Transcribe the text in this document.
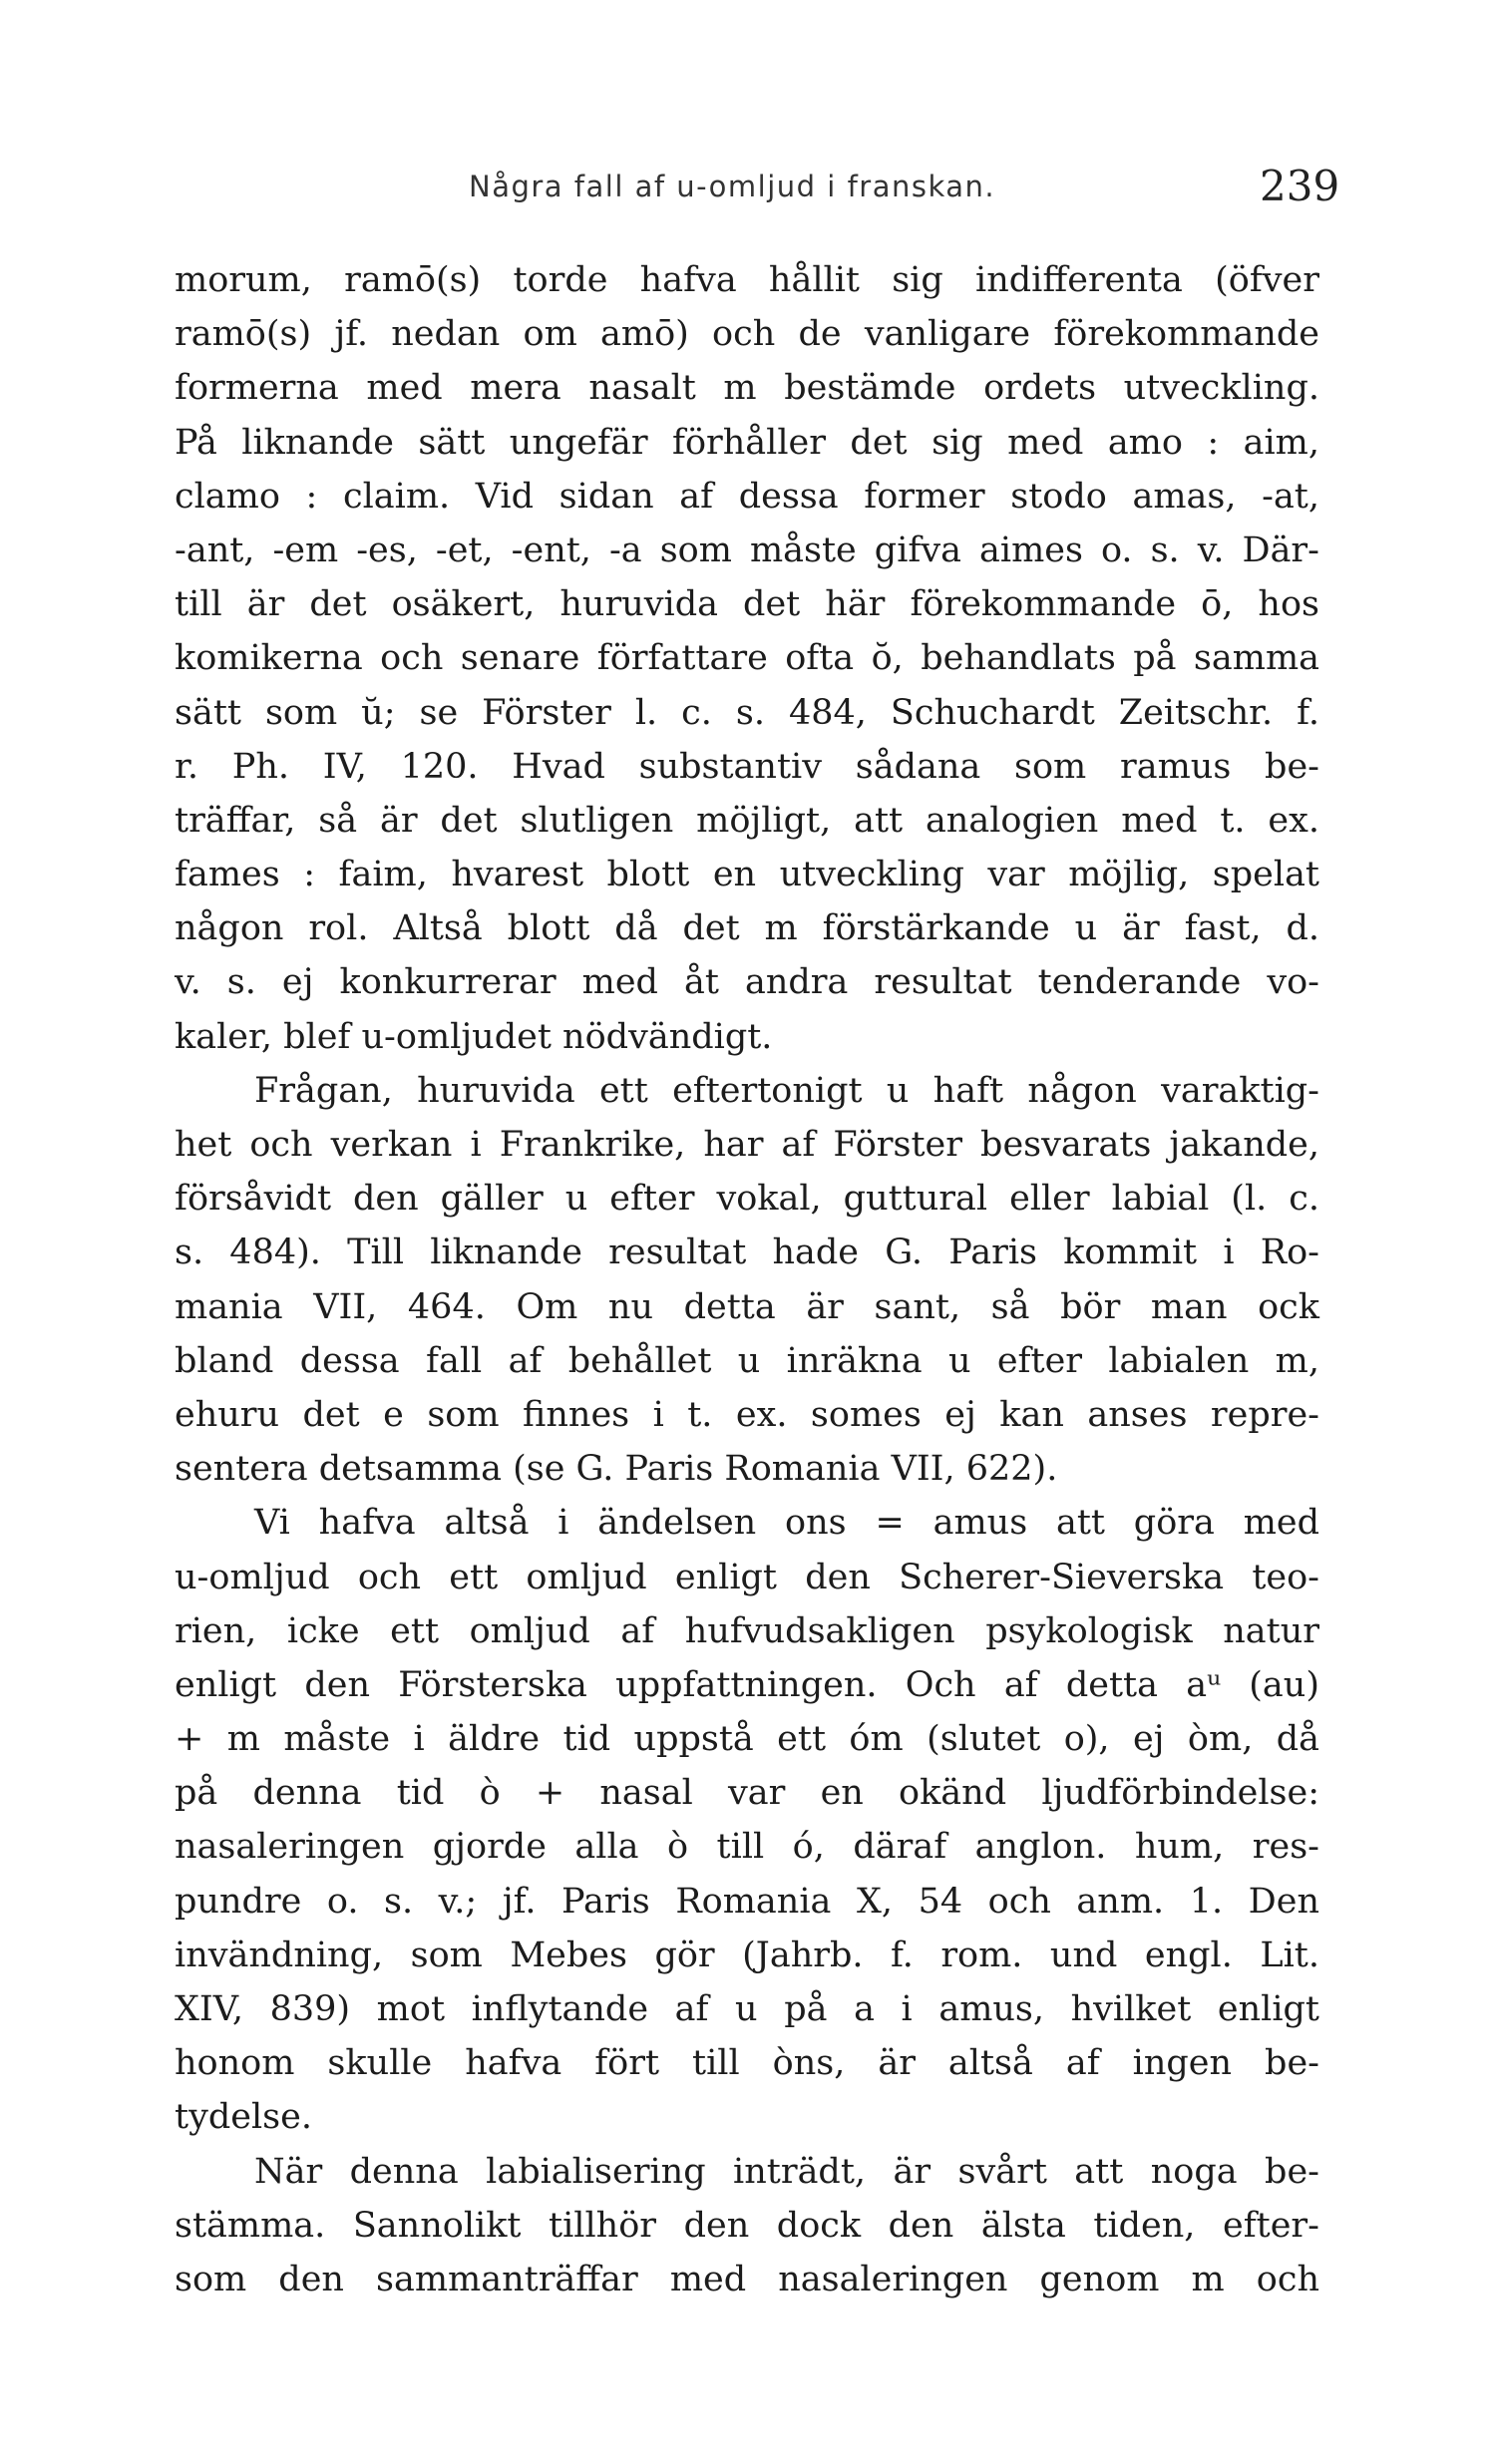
Några fall af u-omljud i franskan.	239
morum, ramō(s) torde hafva hållit sig indifferenta (öfver
ramō(s) jf. nedan om amō) och de vanligare förekommande
formerna med mera nasalt m bestämde ordets utveckling.
På liknande sätt ungefär förhåller det sig med amo : aim,
clamo : claim. Vid sidan af dessa former stodo amas, -at,
-ant, -em -es, -et, -ent, -a som måste gifva aimes o. s. v. Där-
till är det osäkert, huruvida det här förekommande ō, hos
komikerna och senare författare ofta ŏ, behandlats på samma
sätt som ŭ; se Förster l. c. s. 484, Schuchardt Zeitschr. f.
r. Ph. IV, 120. Hvad substantiv sådana som ramus be-
träffar, så är det slutligen möjligt, att analogien med t. ex.
fames : faim, hvarest blott en utveckling var möjlig, spelat
någon rol. Altså blott då det m förstärkande u är fast, d.
v. s. ej konkurrerar med åt andra resultat tenderande vo-
kaler, blef u-omljudet nödvändigt.
Frågan, huruvida ett eftertonigt u haft någon varaktig-
het och verkan i Frankrike, har af Förster besvarats jakande,
försåvidt den gäller u efter vokal, guttural eller labial (l. c.
s. 484). Till liknande resultat hade G. Paris kommit i Ro-
mania VII, 464. Om nu detta är sant, så bör man ock
bland dessa fall af behållet u inräkna u efter labialen m,
ehuru det e som finnes i t. ex. somes ej kan anses repre-
sentera detsamma (se G. Paris Romania VII, 622).
Vi hafva altså i ändelsen ons = amus att göra med
u-omljud och ett omljud enligt den Scherer-Sieverska teo-
rien, icke ett omljud af hufvudsakligen psykologisk natur
enligt den Försterska uppfattningen. Och af detta aᵘ (au)
+ m måste i äldre tid uppstå ett óm (slutet o), ej òm, då
på denna tid ò + nasal var en okänd ljudförbindelse:
nasaleringen gjorde alla ò till ó, däraf anglon. hum, res-
pundre o. s. v.; jf. Paris Romania X, 54 och anm. 1. Den
invändning, som Mebes gör (Jahrb. f. rom. und engl. Lit.
XIV, 839) mot inflytande af u på a i amus, hvilket enligt
honom skulle hafva fört till òns, är altså af ingen be-
tydelse.
När denna labialisering inträdt, är svårt att noga be-
stämma. Sannolikt tillhör den dock den älsta tiden, efter-
som den sammanträffar med nasaleringen genom m och
